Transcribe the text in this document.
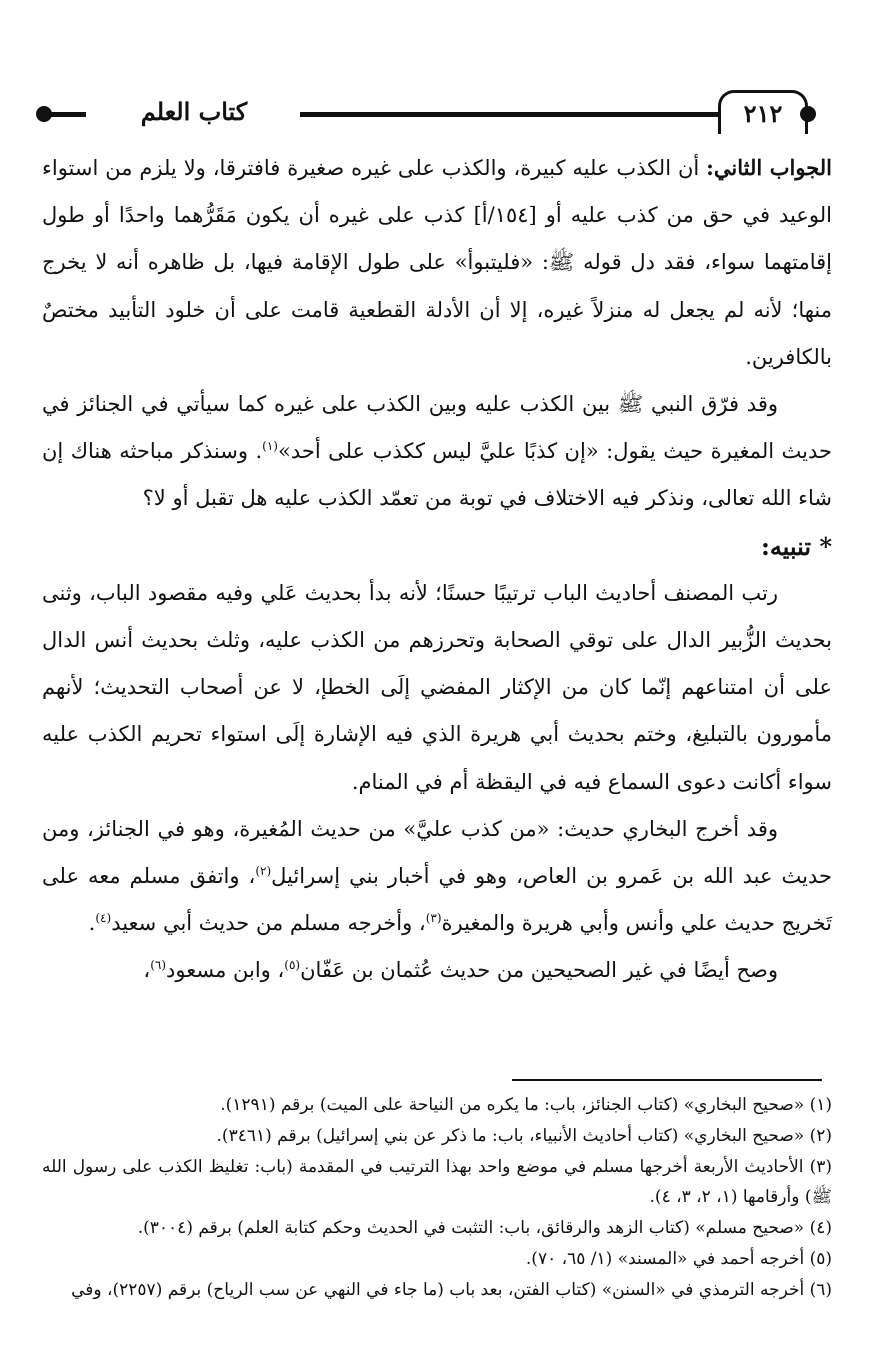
كتاب العلم	٢١٢

الجواب الثاني: أن الكذب عليه كبيرة، والكذب على غيره صغيرة فافترقا، ولا يلزم من استواء الوعيد في حق من كذب عليه أو [١٥٤/أ] كذب على غيره أن يكون مَقَرُّهما واحدًا أو طول إقامتهما سواء، فقد دل قوله ﷺ: «فليتبوأ» على طول الإقامة فيها، بل ظاهره أنه لا يخرج منها؛ لأنه لم يجعل له منزلاً غيره، إلا أن الأدلة القطعية قامت على أن خلود التأبيد مختصٌ بالكافرين.

وقد فرّق النبي ﷺ بين الكذب عليه وبين الكذب على غيره كما سيأتي في الجنائز في حديث المغيرة حيث يقول: «إن كذبًا عليَّ ليس ككذب على أحد»$^{(١)}$. وسنذكر مباحثه هناك إن شاء الله تعالى، ونذكر فيه الاختلاف في توبة من تعمّد الكذب عليه هل تقبل أو لا؟

* تنبيه:

رتب المصنف أحاديث الباب ترتيبًا حسنًا؛ لأنه بدأ بحديث عَلي وفيه مقصود الباب، وثنى بحديث الزُّبير الدال على توقي الصحابة وتحرزهم من الكذب عليه، وثلث بحديث أنس الدال على أن امتناعهم إنّما كان من الإكثار المفضي إلَى الخطإ، لا عن أصحاب التحديث؛ لأنهم مأمورون بالتبليغ، وختم بحديث أبي هريرة الذي فيه الإشارة إلَى استواء تحريم الكذب عليه سواء أكانت دعوى السماع فيه في اليقظة أم في المنام.

وقد أخرج البخاري حديث: «من كذب عليَّ» من حديث المُغيرة، وهو في الجنائز، ومن حديث عبد الله بن عَمرو بن العاص، وهو في أخبار بني إسرائيل$^{(٢)}$، واتفق مسلم معه على تَخريج حديث علي وأنس وأبي هريرة والمغيرة$^{(٣)}$، وأخرجه مسلم من حديث أبي سعيد$^{(٤)}$.

وصح أيضًا في غير الصحيحين من حديث عُثمان بن عَفّان$^{(٥)}$، وابن مسعود$^{(٦)}$،

(١) «صحيح البخاري» (كتاب الجنائز، باب: ما يكره من النياحة على الميت) برقم (١٢٩١).

(٢) «صحيح البخاري» (كتاب أحاديث الأنبياء، باب: ما ذكر عن بني إسرائيل) برقم (٣٤٦١).

(٣) الأحاديث الأربعة أخرجها مسلم في موضع واحد بهذا الترتيب في المقدمة (باب: تغليظ الكذب على رسول الله ﷺ) وأرقامها (١، ٢، ٣، ٤).

(٤) «صحيح مسلم» (كتاب الزهد والرقائق، باب: التثبت في الحديث وحكم كتابة العلم) برقم (٣٠٠٤).

(٥) أخرجه أحمد في «المسند» (١/ ٦٥، ٧٠).

(٦) أخرجه الترمذي في «السنن» (كتاب الفتن، بعد باب (ما جاء في النهي عن سب الرياح) برقم (٢٢٥٧)، وفي
